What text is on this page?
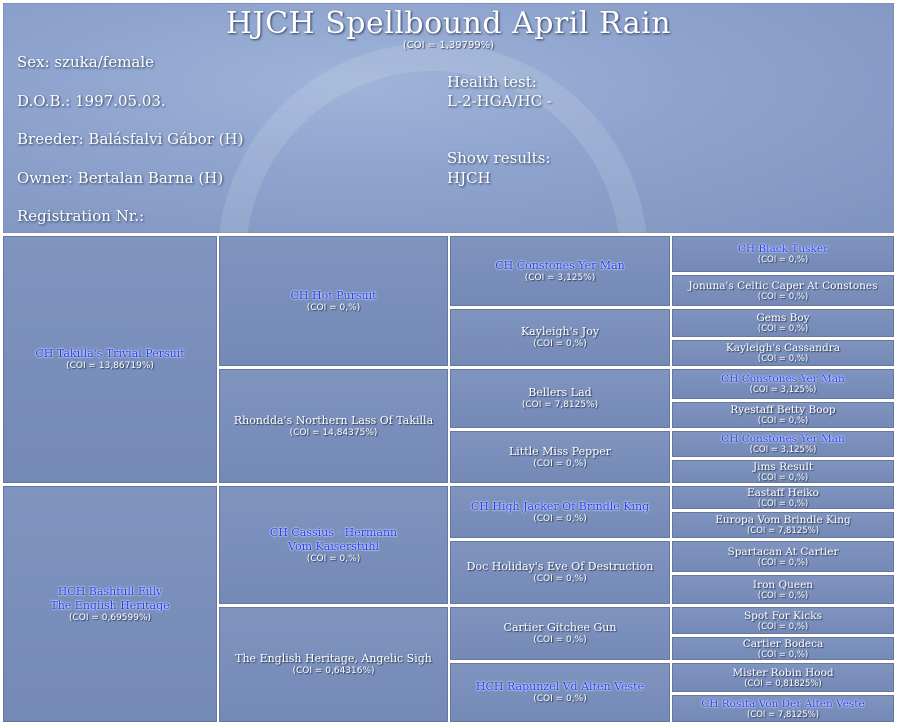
HJCH Spellbound April Rain
(COI = 1,39799%)
Sex: szuka/female
D.O.B.: 1997.05.03.
Breeder: Balásfalvi Gábor (H)
Owner: Bertalan Barna (H)
Registration Nr.:
Health test:
L-2-HGA/HC -
Show results:
HJCH
CH Takilla's Trivial Persuit
(COI = 13,86719%)
HCH Bashfull Filly
The English Heritage
(COI = 0,69599%)
CH Hot Pursuit
(COI = 0,%)
Rhondda's Northern Lass Of Takilla
(COI = 14,84375%)
CH Cassius - Hermann
Vom Kaiserstuhl
(COI = 0,%)
The English Heritage, Angelic Sigh
(COI = 0,64316%)
CH Constones Yer Man
(COI = 3,125%)
Kayleigh's Joy
(COI = 0,%)
Bellers Lad
(COI = 7,8125%)
Little Miss Pepper
(COI = 0,%)
CH High Jacker Of Brindle King
(COI = 0,%)
Doc Holiday's Eve Of Destruction
(COI = 0,%)
Cartier Gitchee Gun
(COI = 0,%)
HCH Rapunzel Vd Alten Veste
(COI = 0,%)
CH Black Tusker
(COI = 0,%)
Jonuna's Celtic Caper At Constones
(COI = 0,%)
Gems Boy
(COI = 0,%)
Kayleigh's Cassandra
(COI = 0,%)
CH Constones Yer Man
(COI = 3,125%)
Ryestaff Betty Boop
(COI = 0,%)
CH Constones Yer Man
(COI = 3,125%)
Jims Result
(COI = 0,%)
Eastaff Heiko
(COI = 0,%)
Europa Vom Brindle King
(COI = 7,8125%)
Spartacan At Cartier
(COI = 0,%)
Iron Queen
(COI = 0,%)
Spot For Kicks
(COI = 0,%)
Cartier Bodeca
(COI = 0,%)
Mister Robin Hood
(COI = 0,81825%)
CH Rosita Von Der Alten Veste
(COI = 7,8125%)
